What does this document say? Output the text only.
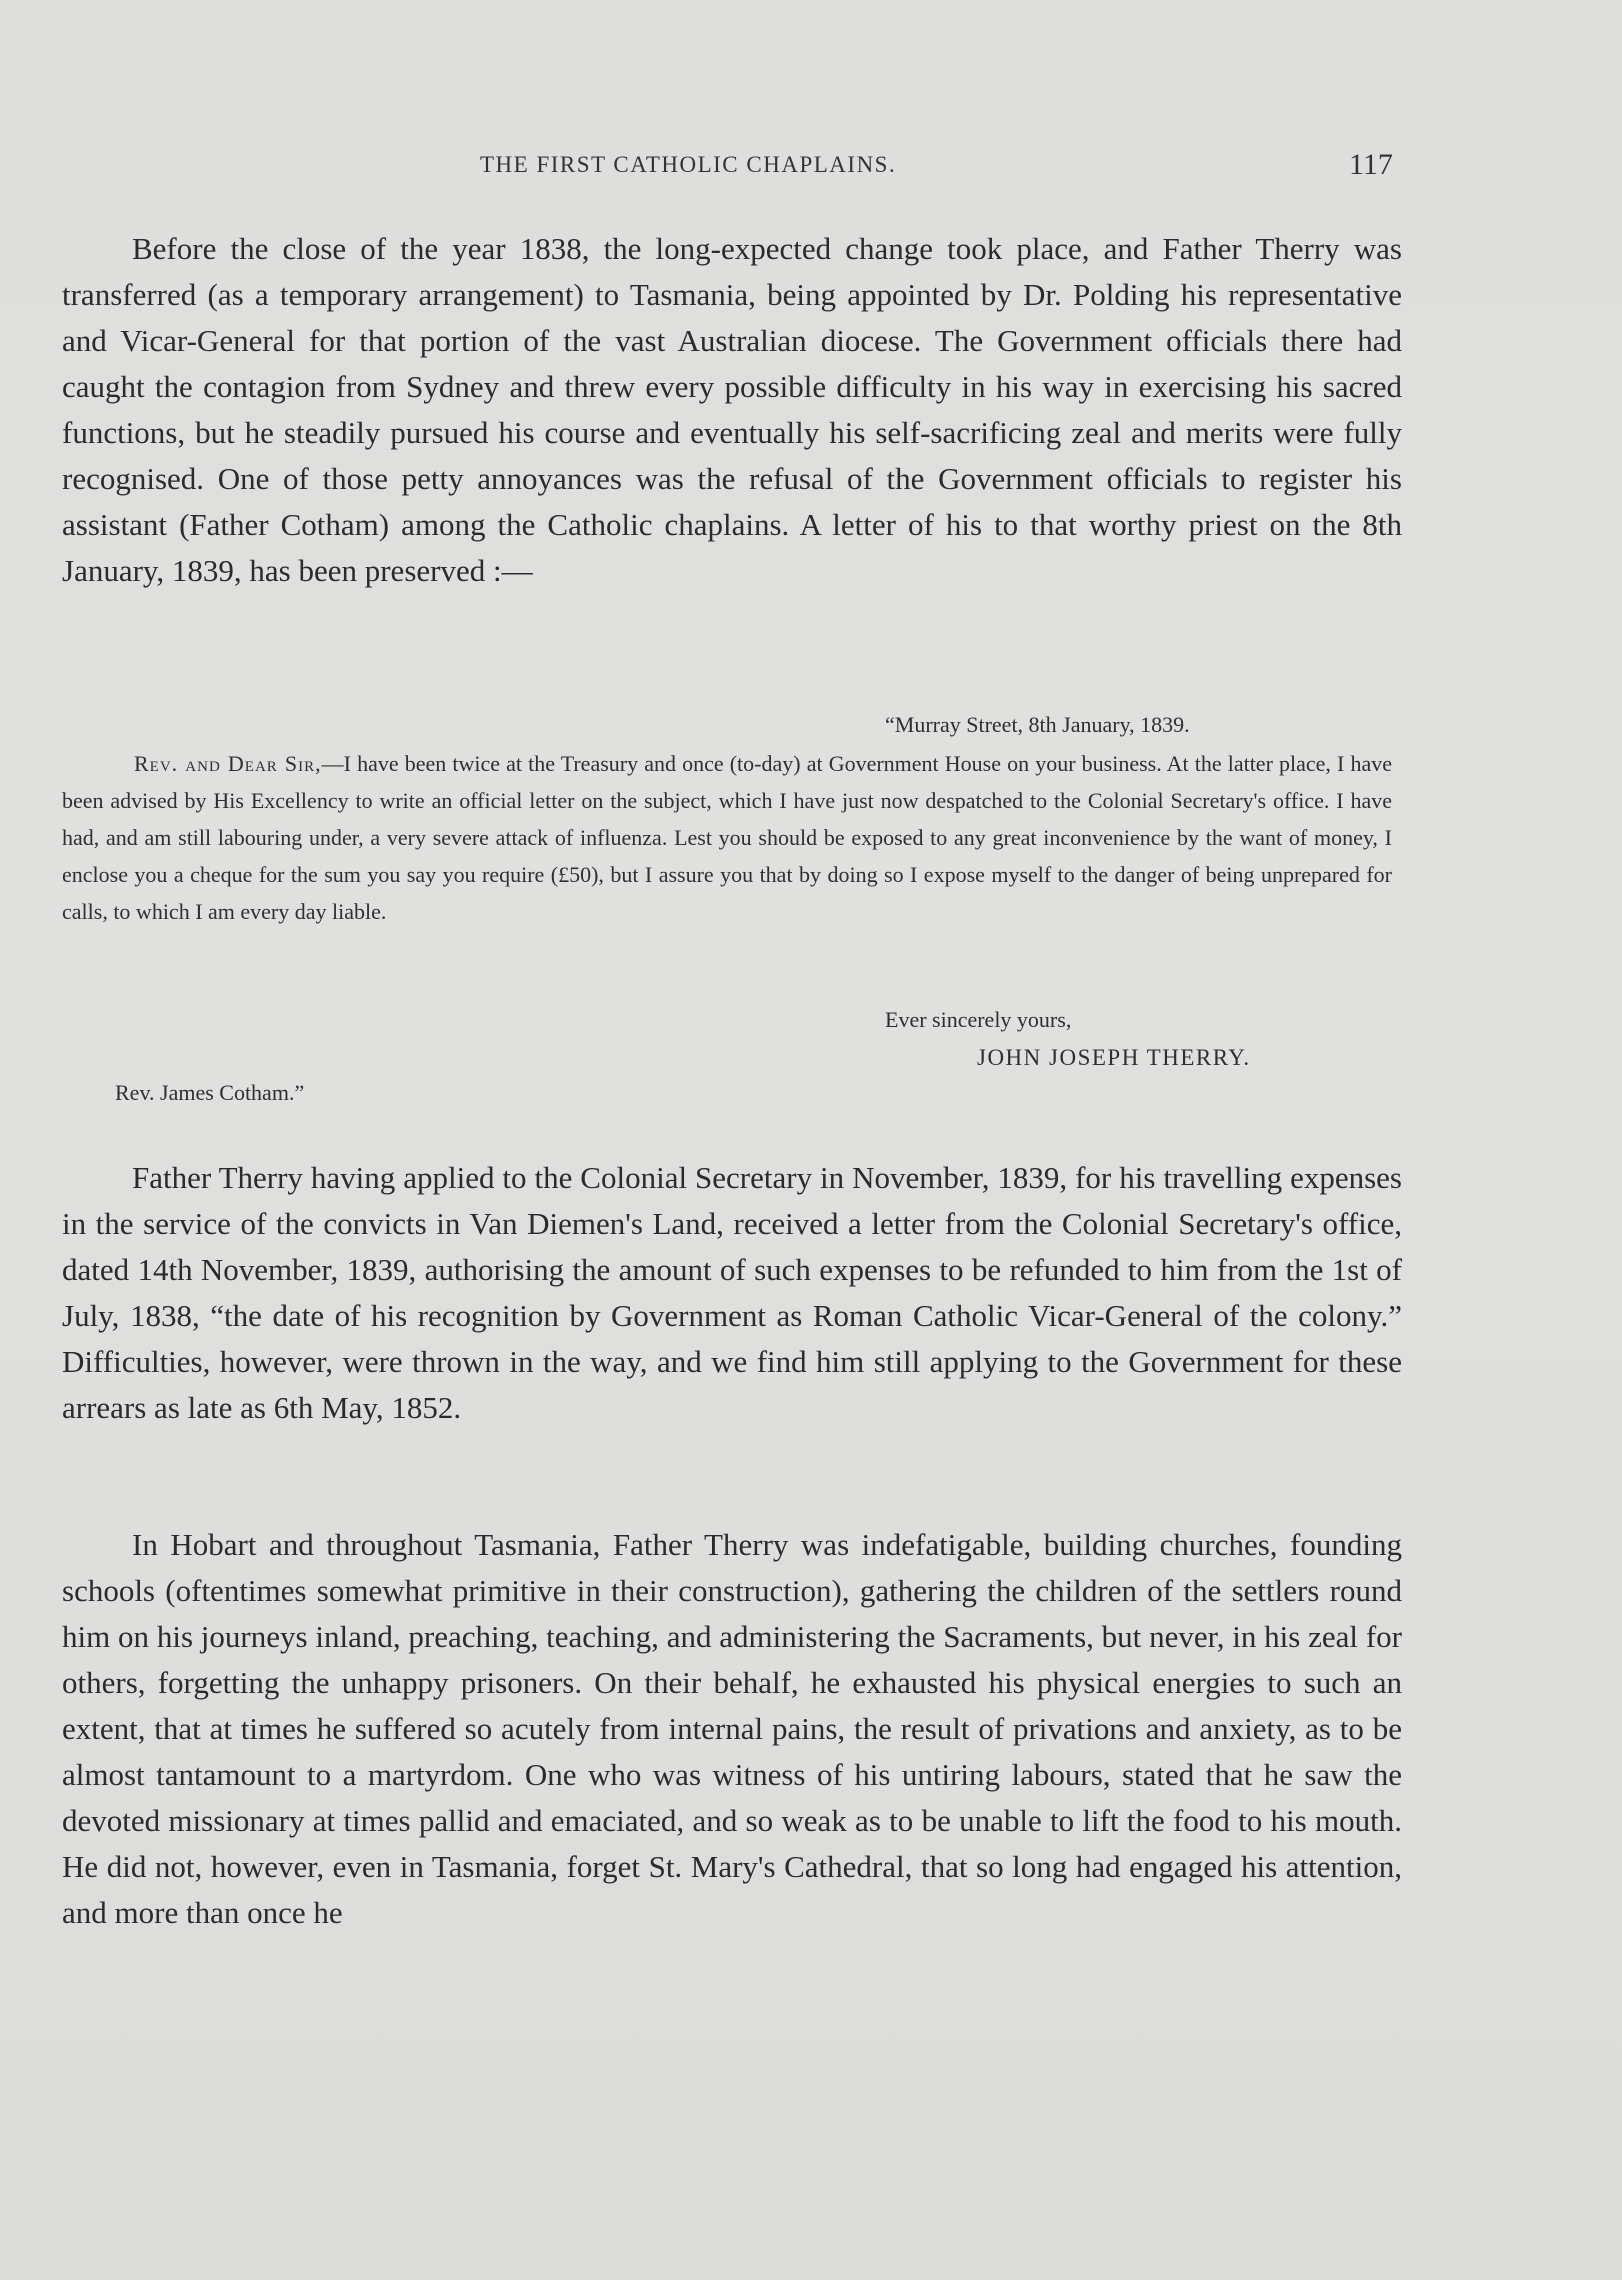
THE FIRST CATHOLIC CHAPLAINS.	117

Before the close of the year 1838, the long-expected change took place, and Father Therry was transferred (as a temporary arrangement) to Tasmania, being appointed by Dr. Polding his representative and Vicar-General for that portion of the vast Australian diocese. The Government officials there had caught the contagion from Sydney and threw every possible difficulty in his way in exercising his sacred functions, but he steadily pursued his course and eventually his self-sacrificing zeal and merits were fully recognised. One of those petty annoyances was the refusal of the Government officials to register his assistant (Father Cotham) among the Catholic chaplains. A letter of his to that worthy priest on the 8th January, 1839, has been preserved :—

“Murray Street, 8th January, 1839.

Rev. and Dear Sir,—I have been twice at the Treasury and once (to-day) at Government House on your business. At the latter place, I have been advised by His Excellency to write an official letter on the subject, which I have just now despatched to the Colonial Secretary's office. I have had, and am still labouring under, a very severe attack of influenza. Lest you should be exposed to any great inconvenience by the want of money, I enclose you a cheque for the sum you say you require (£50), but I assure you that by doing so I expose myself to the danger of being unprepared for calls, to which I am every day liable.

Ever sincerely yours,
JOHN JOSEPH THERRY.
Rev. James Cotham.”

Father Therry having applied to the Colonial Secretary in November, 1839, for his travelling expenses in the service of the convicts in Van Diemen's Land, received a letter from the Colonial Secretary's office, dated 14th November, 1839, authorising the amount of such expenses to be refunded to him from the 1st of July, 1838, “the date of his recognition by Government as Roman Catholic Vicar-General of the colony.” Difficulties, however, were thrown in the way, and we find him still applying to the Government for these arrears as late as 6th May, 1852.

In Hobart and throughout Tasmania, Father Therry was indefatigable, building churches, founding schools (oftentimes somewhat primitive in their construction), gathering the children of the settlers round him on his journeys inland, preaching, teaching, and administering the Sacraments, but never, in his zeal for others, forgetting the unhappy prisoners. On their behalf, he exhausted his physical energies to such an extent, that at times he suffered so acutely from internal pains, the result of privations and anxiety, as to be almost tantamount to a martyrdom. One who was witness of his untiring labours, stated that he saw the devoted missionary at times pallid and emaciated, and so weak as to be unable to lift the food to his mouth. He did not, however, even in Tasmania, forget St. Mary's Cathedral, that so long had engaged his attention, and more than once he
